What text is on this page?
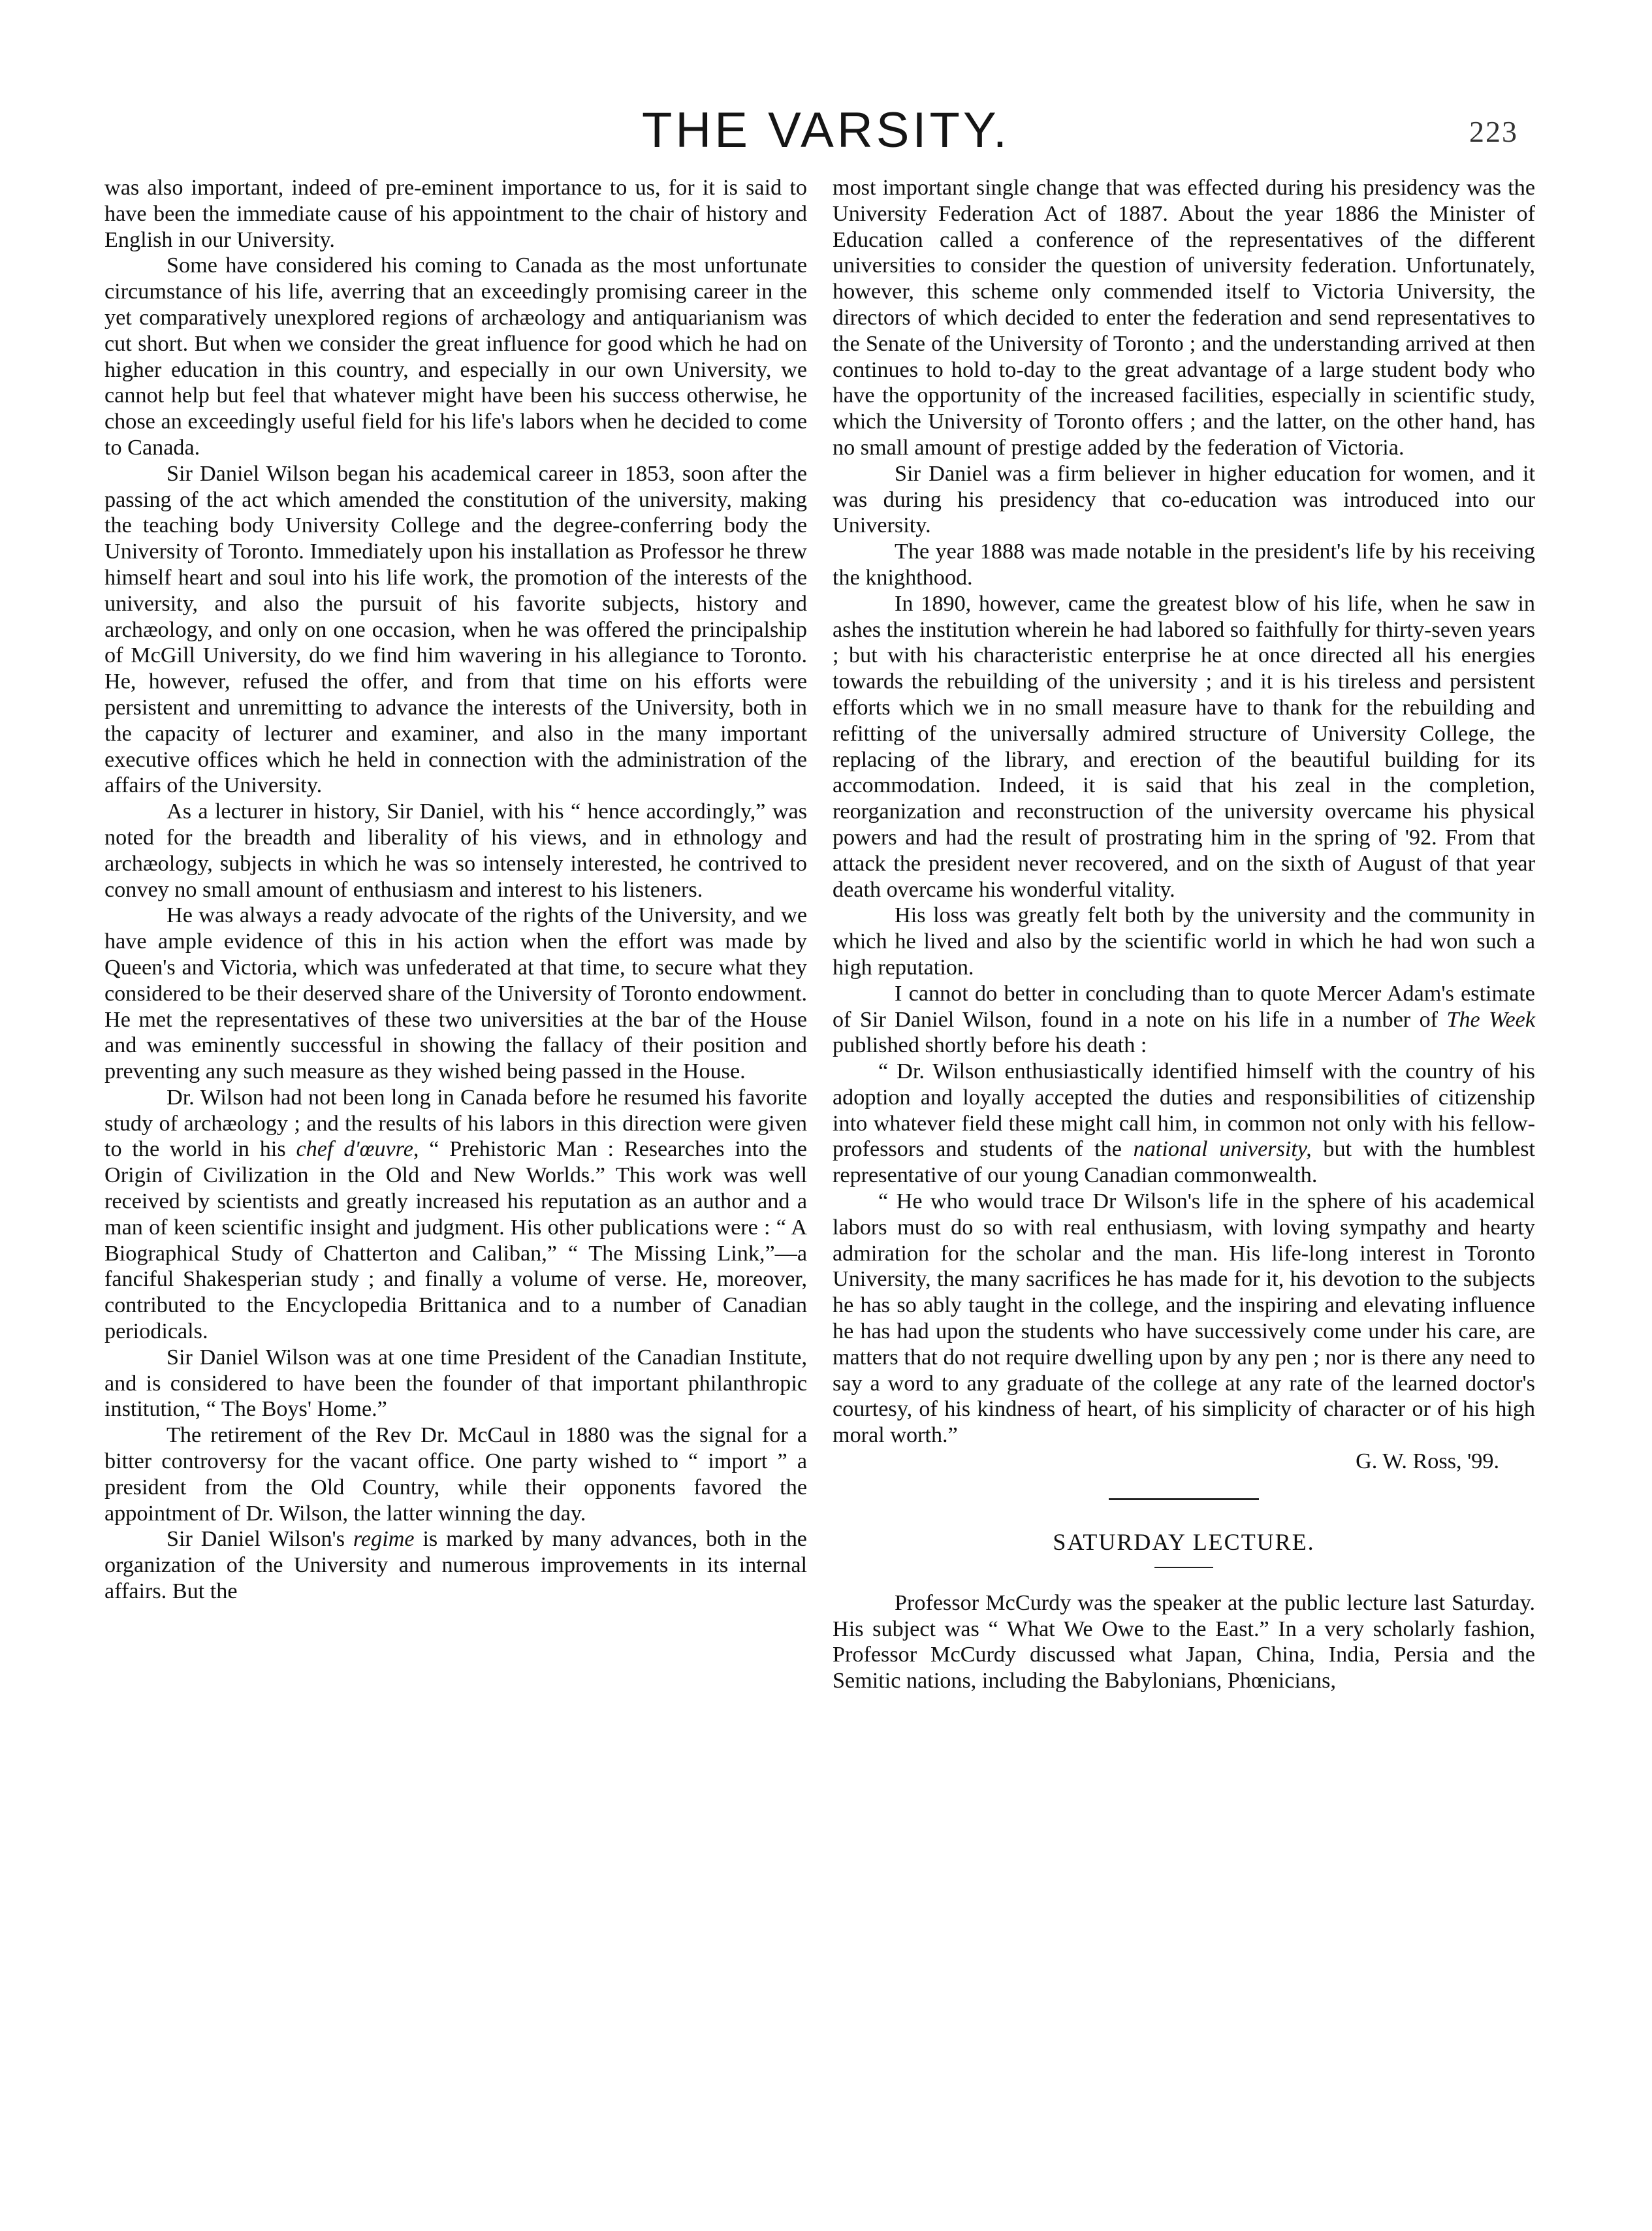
THE VARSITY.	223

was also important, indeed of pre-eminent importance to us, for it is said to have been the immediate cause of his appointment to the chair of history and English in our University.

Some have considered his coming to Canada as the most unfortunate circumstance of his life, averring that an exceedingly promising career in the yet comparatively unexplored regions of archæology and antiquarianism was cut short. But when we consider the great influence for good which he had on higher education in this country, and especially in our own University, we cannot help but feel that whatever might have been his success otherwise, he chose an exceedingly useful field for his life's labors when he decided to come to Canada.

Sir Daniel Wilson began his academical career in 1853, soon after the passing of the act which amended the constitution of the university, making the teaching body University College and the degree-conferring body the University of Toronto. Immediately upon his installation as Professor he threw himself heart and soul into his life work, the promotion of the interests of the university, and also the pursuit of his favorite subjects, history and archæology, and only on one occasion, when he was offered the principalship of McGill University, do we find him wavering in his allegiance to Toronto. He, however, refused the offer, and from that time on his efforts were persistent and unremitting to advance the interests of the University, both in the capacity of lecturer and examiner, and also in the many important executive offices which he held in connection with the administration of the affairs of the University.

As a lecturer in history, Sir Daniel, with his “ hence accordingly,” was noted for the breadth and liberality of his views, and in ethnology and archæology, subjects in which he was so intensely interested, he contrived to convey no small amount of enthusiasm and interest to his listeners.

He was always a ready advocate of the rights of the University, and we have ample evidence of this in his action when the effort was made by Queen's and Victoria, which was unfederated at that time, to secure what they considered to be their deserved share of the University of Toronto endowment. He met the representatives of these two universities at the bar of the House and was eminently successful in showing the fallacy of their position and preventing any such measure as they wished being passed in the House.

Dr. Wilson had not been long in Canada before he resumed his favorite study of archæology ; and the results of his labors in this direction were given to the world in his chef d'œuvre, “ Prehistoric Man : Researches into the Origin of Civilization in the Old and New Worlds.” This work was well received by scientists and greatly increased his reputation as an author and a man of keen scientific insight and judgment. His other publications were : “ A Biographical Study of Chatterton and Caliban,” “ The Missing Link,”—a fanciful Shakesperian study ; and finally a volume of verse. He, moreover, contributed to the Encyclopedia Brittanica and to a number of Canadian periodicals.

Sir Daniel Wilson was at one time President of the Canadian Institute, and is considered to have been the founder of that important philanthropic institution, “ The Boys' Home.”

The retirement of the Rev Dr. McCaul in 1880 was the signal for a bitter controversy for the vacant office. One party wished to “ import ” a president from the Old Country, while their opponents favored the appointment of Dr. Wilson, the latter winning the day.

Sir Daniel Wilson's regime is marked by many advances, both in the organization of the University and numerous improvements in its internal affairs. But the

most important single change that was effected during his presidency was the University Federation Act of 1887. About the year 1886 the Minister of Education called a conference of the representatives of the different universities to consider the question of university federation. Unfortunately, however, this scheme only commended itself to Victoria University, the directors of which decided to enter the federation and send representatives to the Senate of the University of Toronto ; and the understanding arrived at then continues to hold to-day to the great advantage of a large student body who have the opportunity of the increased facilities, especially in scientific study, which the University of Toronto offers ; and the latter, on the other hand, has no small amount of prestige added by the federation of Victoria.

Sir Daniel was a firm believer in higher education for women, and it was during his presidency that co-education was introduced into our University.

The year 1888 was made notable in the president's life by his receiving the knighthood.

In 1890, however, came the greatest blow of his life, when he saw in ashes the institution wherein he had labored so faithfully for thirty-seven years ; but with his characteristic enterprise he at once directed all his energies towards the rebuilding of the university ; and it is his tireless and persistent efforts which we in no small measure have to thank for the rebuilding and refitting of the universally admired structure of University College, the replacing of the library, and erection of the beautiful building for its accommodation. Indeed, it is said that his zeal in the completion, reorganization and reconstruction of the university overcame his physical powers and had the result of prostrating him in the spring of '92. From that attack the president never recovered, and on the sixth of August of that year death overcame his wonderful vitality.

His loss was greatly felt both by the university and the community in which he lived and also by the scientific world in which he had won such a high reputation.

I cannot do better in concluding than to quote Mercer Adam's estimate of Sir Daniel Wilson, found in a note on his life in a number of The Week published shortly before his death :

“ Dr. Wilson enthusiastically identified himself with the country of his adoption and loyally accepted the duties and responsibilities of citizenship into whatever field these might call him, in common not only with his fellow-professors and students of the national university, but with the humblest representative of our young Canadian commonwealth.

“ He who would trace Dr Wilson's life in the sphere of his academical labors must do so with real enthusiasm, with loving sympathy and hearty admiration for the scholar and the man. His life-long interest in Toronto University, the many sacrifices he has made for it, his devotion to the subjects he has so ably taught in the college, and the inspiring and elevating influence he has had upon the students who have successively come under his care, are matters that do not require dwelling upon by any pen ; nor is there any need to say a word to any graduate of the college at any rate of the learned doctor's courtesy, of his kindness of heart, of his simplicity of character or of his high moral worth.”

G. W. Ross, '99.

SATURDAY LECTURE.

Professor McCurdy was the speaker at the public lecture last Saturday. His subject was “ What We Owe to the East.” In a very scholarly fashion, Professor McCurdy discussed what Japan, China, India, Persia and the Semitic nations, including the Babylonians, Phœnicians,
